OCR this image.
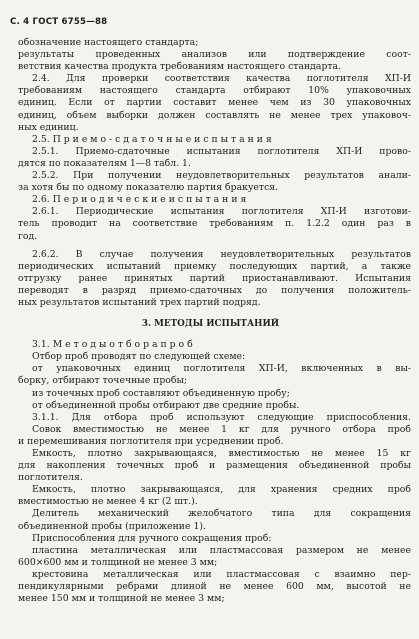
С. 4 ГОСТ 6755—88
обозначение настоящего стандарта;
результаты проведенных анализов или подтверждение соот-
ветствия качества продукта требованиям настоящего стандарта.
2.4. Для проверки соответствия качества поглотителя ХП-И
требованиям настоящего стандарта отбирают 10% упаковочных
единиц. Если от партии составит менее чем из 30 упаковочных
единиц, объем выборки должен составлять не менее трех упаковоч-
ных единиц.
2.5. П р и е м о - с д а т о ч н ы е и с п ы т а н и я
2.5.1. Приемо-сдаточные испытания поглотителя ХП-И прово-
дятся по показателям 1—8 табл. 1.
2.5.2. При получении неудовлетворительных результатов анали-
за хотя бы по одному показателю партия бракуется.
2.6. П е р и о д и ч е с к и е и с п ы т а н и я
2.6.1. Периодические испытания поглотителя ХП-И изготови-
тель проводит на соответствие требованиям п. 1.2.2 один раз в
год.
2.6.2. В случае получения неудовлетворительных результатов
периодических испытаний приемку последующих партий, а также
отгрузку ранее принятых партий приостанавливают. Испытания
переводят в разряд приемо-сдаточных до получения положитель-
ных результатов испытаний трех партий подряд.
3. МЕТОДЫ ИСПЫТАНИЙ
3.1. М е т о д ы о т б о р а п р о б
Отбор проб проводят по следующей схеме:
от упаковочных единиц поглотителя ХП-И, включенных в вы-
борку, отбирают точечные пробы;
из точечных проб составляют объединенную пробу;
от объединенной пробы отбирают две средние пробы.
3.1.1. Для отбора проб используют следующие приспособления.
Совок вместимостью не менее 1 кг для ручного отбора проб
и перемешивания поглотителя при усреднении проб.
Емкость, плотно закрывающаяся, вместимостью не менее 15 кг
для накопления точечных проб и размещения объединенной пробы
поглотителя.
Емкость, плотно закрывающаяся, для хранения средних проб
вместимостью не менее 4 кг (2 шт.).
Делитель механический желобчатого типа для сокращения
объединенной пробы (приложение 1).
Приспособления для ручного сокращения проб:
пластина металлическая или пластмассовая размером не менее
600×600 мм и толщиной не менее 3 мм;
крестовина металлическая или пластмассовая с взаимно пер-
пендикулярными ребрами длиной не менее 600 мм, высотой не
менее 150 мм и толщиной не менее 3 мм;
